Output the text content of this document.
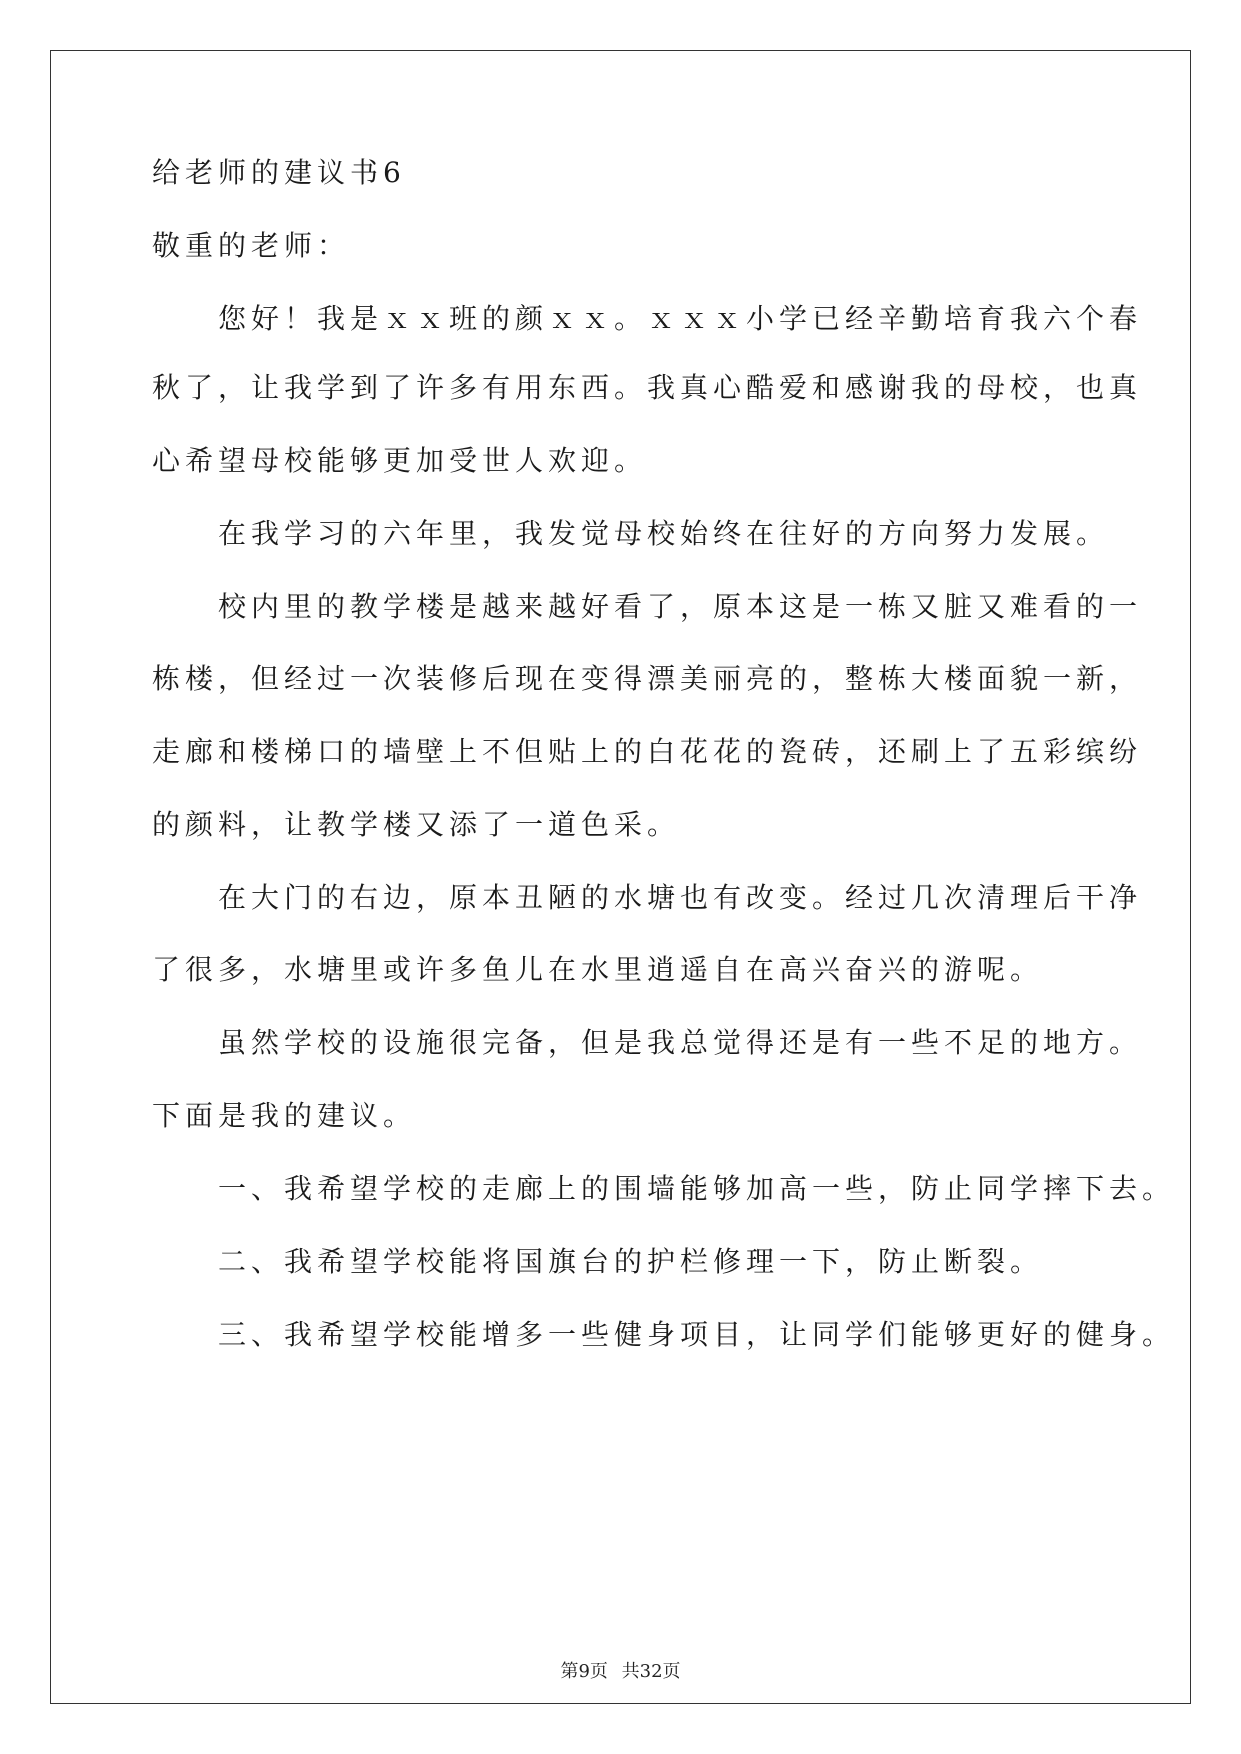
给老师的建议书6
敬重的老师：
　　您好！我是ｘｘ班的颜ｘｘ。ｘｘｘ小学已经辛勤培育我六个春
秋了，让我学到了许多有用东西。我真心酷爱和感谢我的母校，也真
心希望母校能够更加受世人欢迎。
　　在我学习的六年里，我发觉母校始终在往好的方向努力发展。
　　校内里的教学楼是越来越好看了，原本这是一栋又脏又难看的一
栋楼，但经过一次装修后现在变得漂美丽亮的，整栋大楼面貌一新，
走廊和楼梯口的墙壁上不但贴上的白花花的瓷砖，还刷上了五彩缤纷
的颜料，让教学楼又添了一道色采。
　　在大门的右边，原本丑陋的水塘也有改变。经过几次清理后干净
了很多，水塘里或许多鱼儿在水里逍遥自在高兴奋兴的游呢。
　　虽然学校的设施很完备，但是我总觉得还是有一些不足的地方。
下面是我的建议。
　　一、我希望学校的走廊上的围墙能够加高一些，防止同学摔下去。
　　二、我希望学校能将国旗台的护栏修理一下，防止断裂。
　　三、我希望学校能增多一些健身项目，让同学们能够更好的健身。
第9页 共32页
